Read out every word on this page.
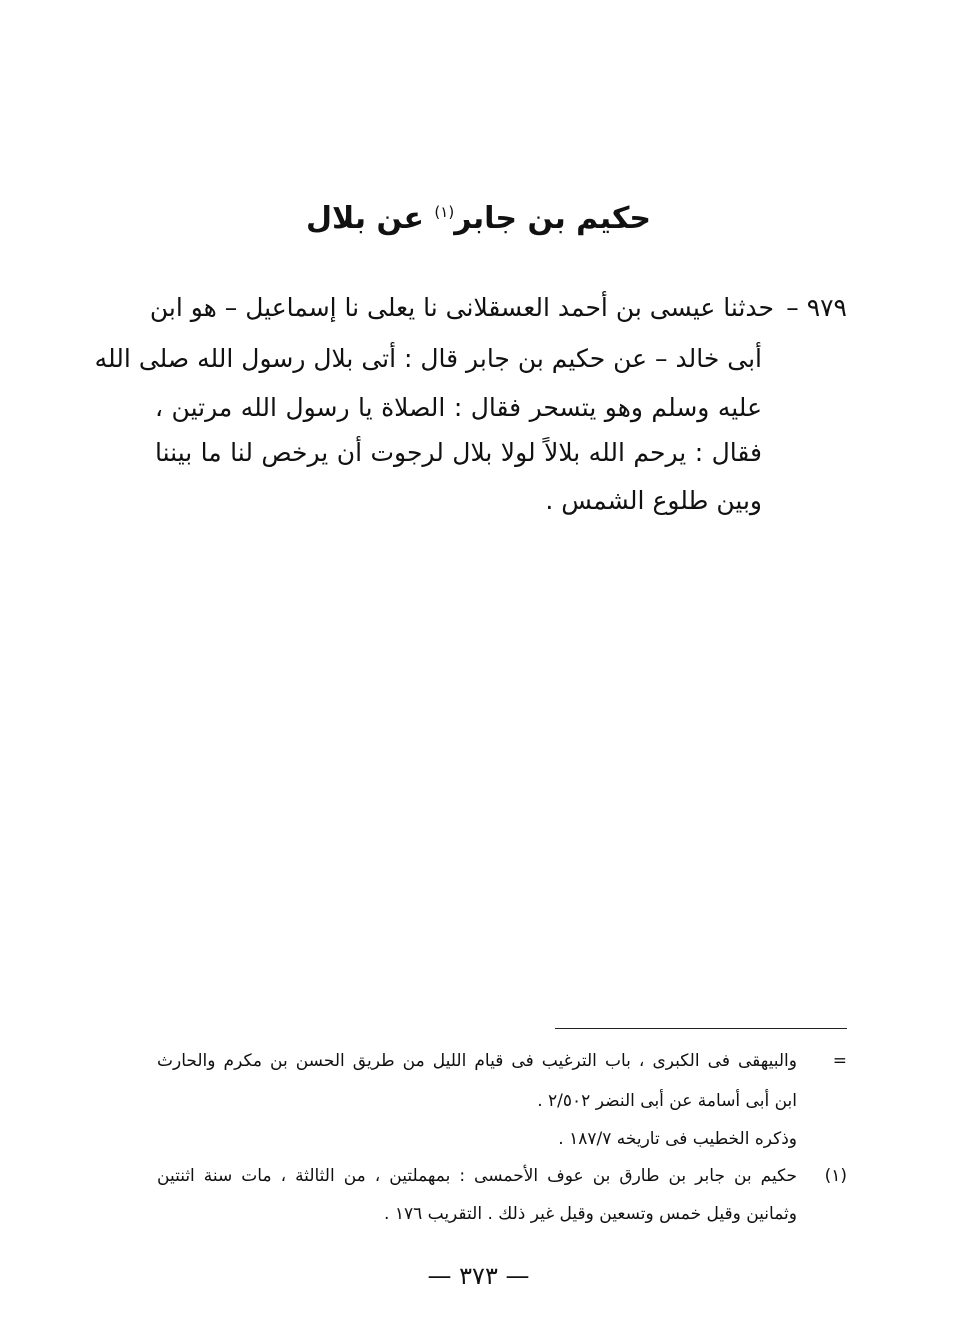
حكيم بن جابر$^{(١)}$ عن بلال
٩٧٩ –
حدثنا عيسى بن أحمد العسقلانى نا يعلى نا إسماعيل – هو ابن
أبى خالد – عن حكيم بن جابر قال : أتى بلال رسول الله صلى الله
عليه وسلم وهو يتسحر فقال : الصلاة يا رسول الله مرتين ،
فقال : يرحم الله بلالاً لولا بلال لرجوت أن يرخص لنا ما بيننا
وبين طلوع الشمس .
=
والبيهقى فى الكبرى ، باب الترغيب فى قيام الليل من طريق الحسن بن مكرم والحارث
ابن أبى أسامة عن أبى النضر ٢/٥٠٢ .
وذكره الخطيب فى تاريخه ١٨٧/٧ .
(١)
حكيم بن جابر بن طارق بن عوف الأحمسى : بمهملتين ، من الثالثة ، مات سنة اثنتين
وثمانين وقيل خمس وتسعين وقيل غير ذلك . التقريب ١٧٦ .
— ٣٧٣ —
